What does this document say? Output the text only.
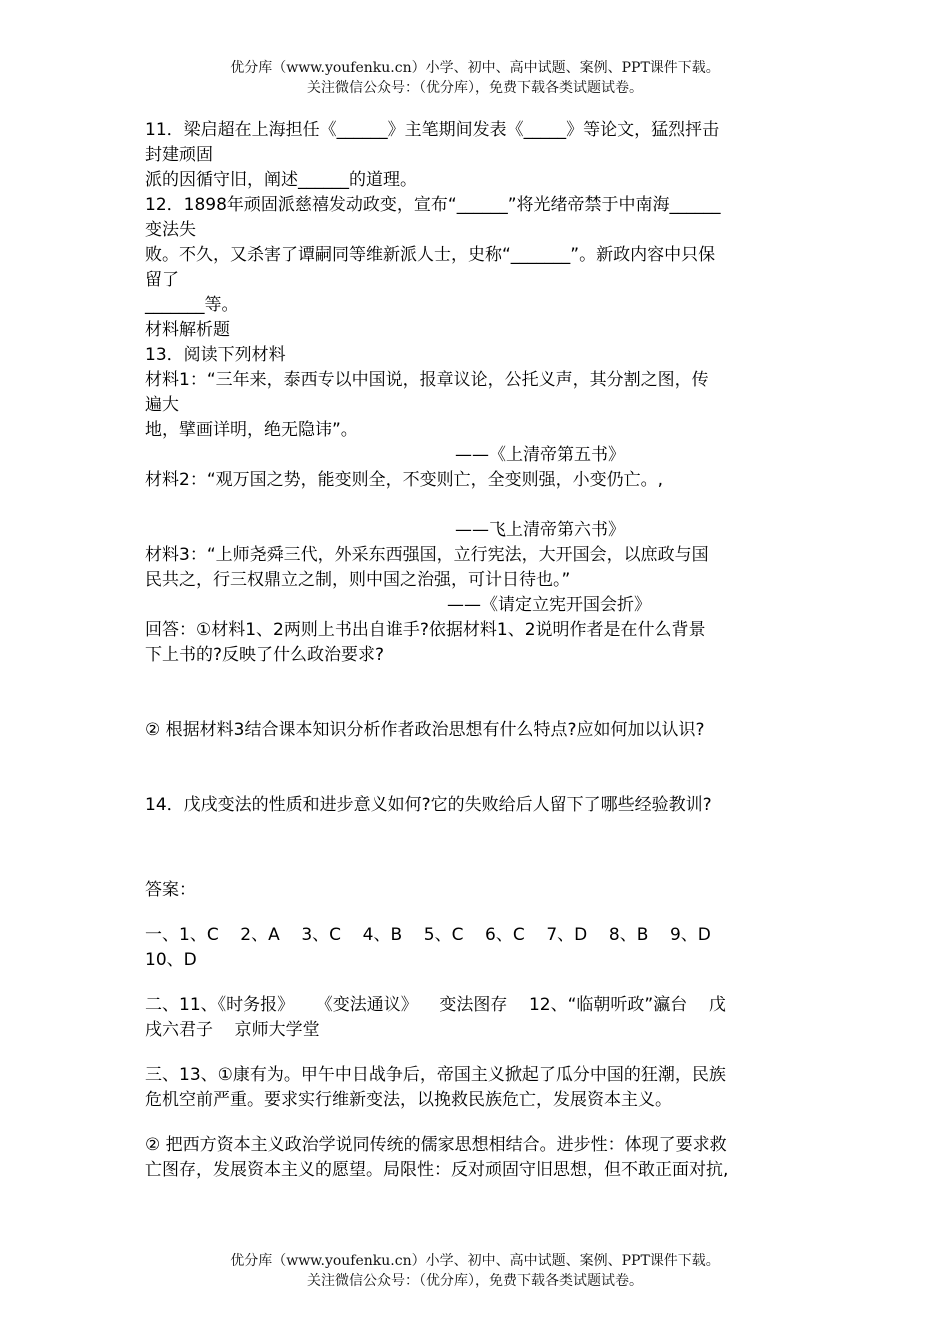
优分库（www.youfenku.cn）小学、初中、高中试题、案例、PPT课件下载。
关注微信公众号：（优分库），免费下载各类试题试卷。

11．梁启超在上海担任《______》主笔期间发表《_____》等论文，猛烈抨击

封建顽固

派的因循守旧，阐述______的道理。

12．1898年顽固派慈禧发动政变，宣布“______”将光绪帝禁于中南海______

变法失

败。不久，又杀害了谭嗣同等维新派人士，史称“_______”。新政内容中只保

留了

_______等。

材料解析题

13．阅读下列材料

材料1：“三年来，泰西专以中国说，报章议论，公托义声，其分割之图，传

遍大

地，擘画详明，绝无隐讳”。

——《上清帝第五书》

材料2：“观万国之势，能变则全，不变则亡，全变则强，小变仍亡。,

——飞上清帝第六书》

材料3：“上师尧舜三代，外采东西强国，立行宪法，大开国会，以庶政与国

民共之，行三权鼎立之制，则中国之治强，可计日待也。”

——《请定立宪开国会折》

回答：①材料1、2两则上书出自谁手?依据材料1、2说明作者是在什么背景

下上书的?反映了什么政治要求?

② 根据材料3结合课本知识分析作者政治思想有什么特点?应如何加以认识?

14．戊戌变法的性质和进步意义如何?它的失败给后人留下了哪些经验教训?

答案：

一、1、C    2、A    3、C    4、B    5、C    6、C    7、D    8、B    9、D

10、D

二、11、《时务报》    《变法通议》    变法图存    12、“临朝听政”瀛台    戊

戌六君子    京师大学堂

三、13、①康有为。甲午中日战争后，帝国主义掀起了瓜分中国的狂潮，民族

危机空前严重。要求实行维新变法，以挽救民族危亡，发展资本主义。

② 把西方资本主义政治学说同传统的儒家思想相结合。进步性：体现了要求救

亡图存，发展资本主义的愿望。局限性：反对顽固守旧思想，但不敢正面对抗,

优分库（www.youfenku.cn）小学、初中、高中试题、案例、PPT课件下载。
关注微信公众号：（优分库），免费下载各类试题试卷。
